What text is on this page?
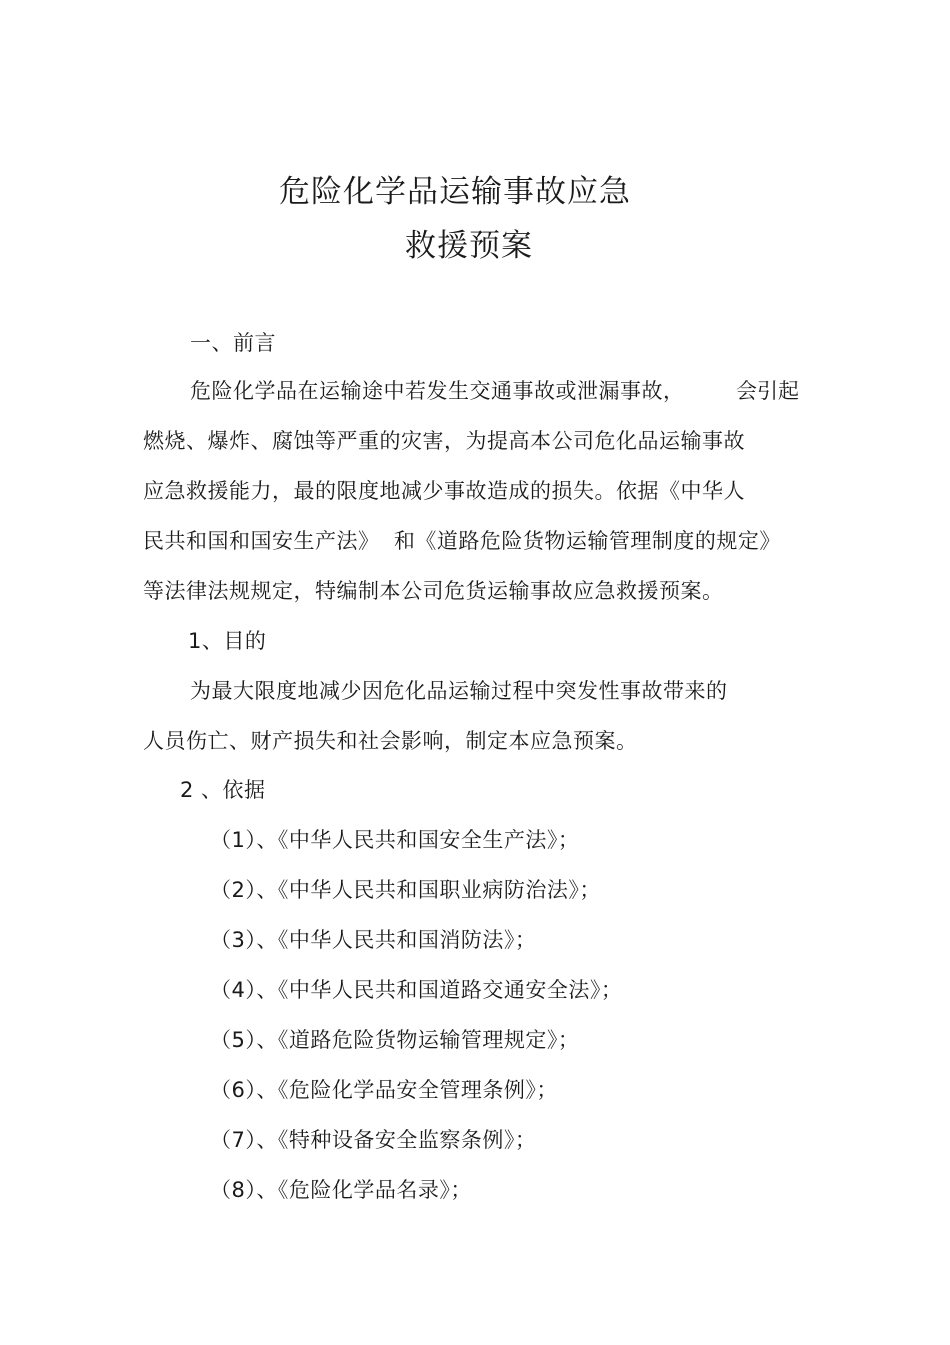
危险化学品运输事故应急
救援预案
一、前言
危险化学品在运输途中若发生交通事故或泄漏事故， 会引起
燃烧、爆炸、腐蚀等严重的灾害，为提高本公司危化品运输事故
应急救援能力，最的限度地减少事故造成的损失。依据《中华人
民共和国和国安生产法》  和《道路危险货物运输管理制度的规定》
等法律法规规定，特编制本公司危货运输事故应急救援预案。
1、目的
为最大限度地减少因危化品运输过程中突发性事故带来的
人员伤亡、财产损失和社会影响，制定本应急预案。
2 、依据
（1）、《中华人民共和国安全生产法》；
（2）、《中华人民共和国职业病防治法》；
（3）、《中华人民共和国消防法》；
（4）、《中华人民共和国道路交通安全法》；
（5）、《道路危险货物运输管理规定》；
（6）、《危险化学品安全管理条例》；
（7）、《特种设备安全监察条例》；
（8）、《危险化学品名录》；
